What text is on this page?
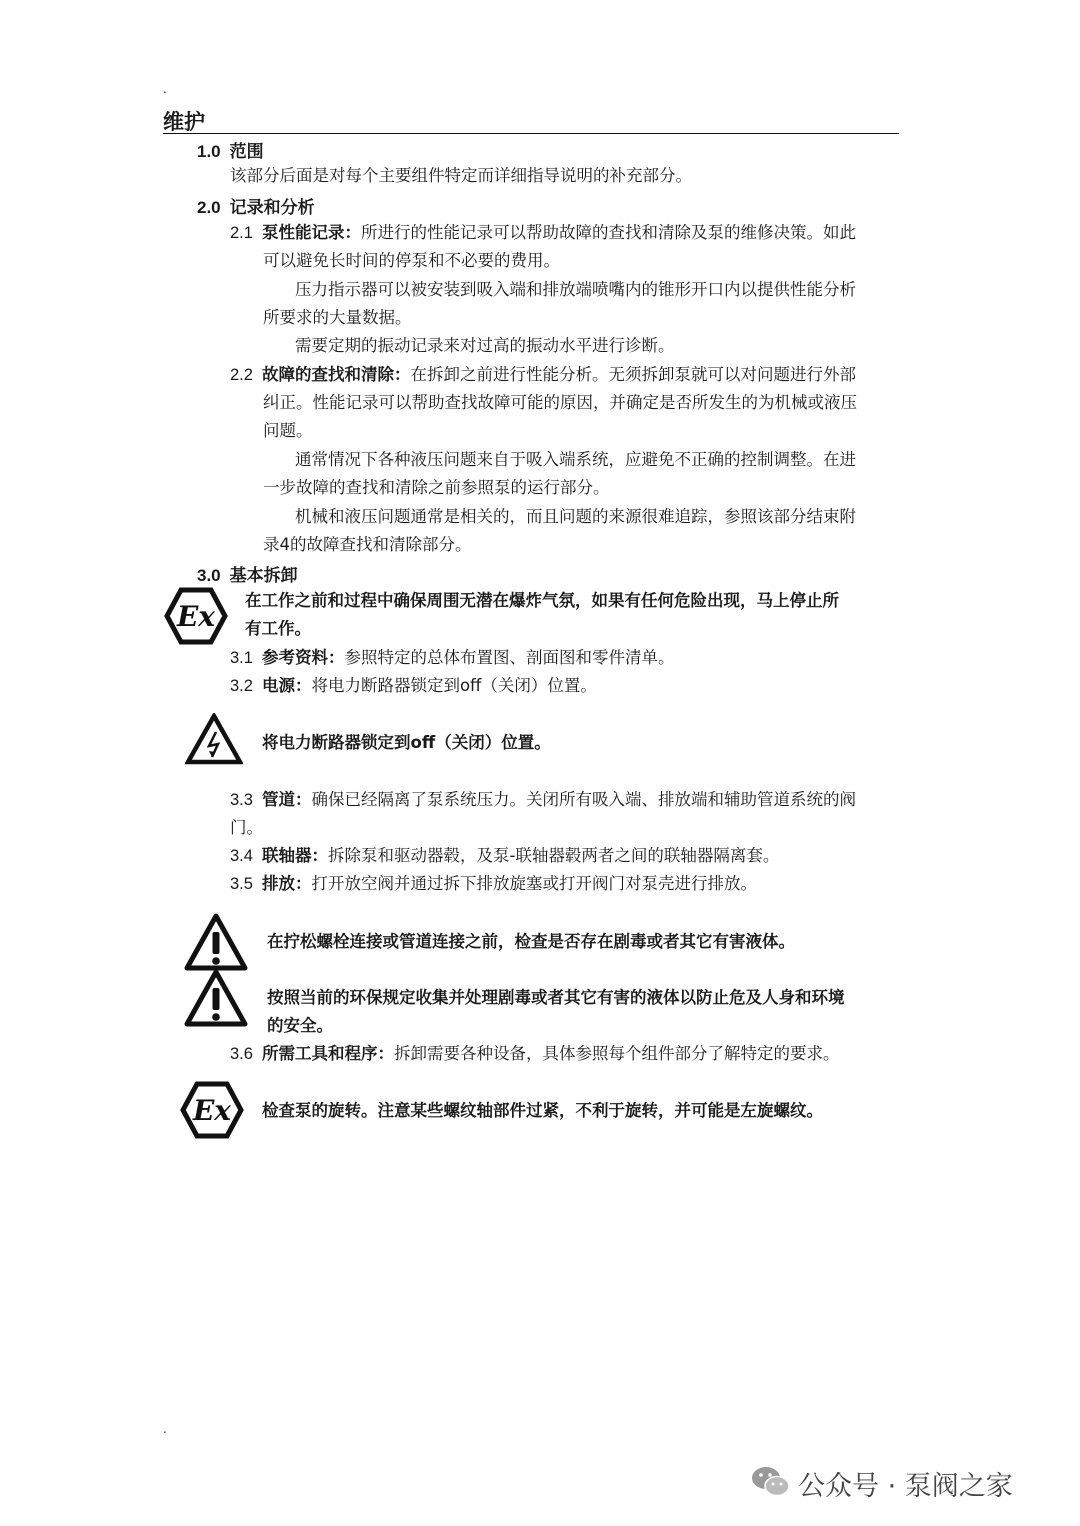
.
维护
1.0 范围
该部分后面是对每个主要组件特定而详细指导说明的补充部分。
2.0 记录和分析
2.1 泵性能记录：所进行的性能记录可以帮助故障的查找和清除及泵的维修决策。如此
可以避免长时间的停泵和不必要的费用。
压力指示器可以被安装到吸入端和排放端喷嘴内的锥形开口内以提供性能分析
所要求的大量数据。
需要定期的振动记录来对过高的振动水平进行诊断。
2.2 故障的查找和清除：在拆卸之前进行性能分析。无须拆卸泵就可以对问题进行外部
纠正。性能记录可以帮助查找故障可能的原因，并确定是否所发生的为机械或液压
问题。
通常情况下各种液压问题来自于吸入端系统，应避免不正确的控制调整。在进
一步故障的查找和清除之前参照泵的运行部分。
机械和液压问题通常是相关的，而且问题的来源很难追踪，参照该部分结束附
录4的故障查找和清除部分。
3.0 基本拆卸
Ex 在工作之前和过程中确保周围无潜在爆炸气氛，如果有任何危险出现，马上停止所
有工作。
3.1 参考资料：参照特定的总体布置图、剖面图和零件清单。
3.2 电源：将电力断路器锁定到off（关闭）位置。
将电力断路器锁定到off（关闭）位置。
3.3 管道：确保已经隔离了泵系统压力。关闭所有吸入端、排放端和辅助管道系统的阀
门。
3.4 联轴器：拆除泵和驱动器毂，及泵-联轴器毂两者之间的联轴器隔离套。
3.5 排放：打开放空阀并通过拆下排放旋塞或打开阀门对泵壳进行排放。
在拧松螺栓连接或管道连接之前，检查是否存在剧毒或者其它有害液体。
按照当前的环保规定收集并处理剧毒或者其它有害的液体以防止危及人身和环境
的安全。
3.6 所需工具和程序：拆卸需要各种设备，具体参照每个组件部分了解特定的要求。
Ex 检查泵的旋转。注意某些螺纹轴部件过紧，不利于旋转，并可能是左旋螺纹。
.
公众号 · 泵阀之家
